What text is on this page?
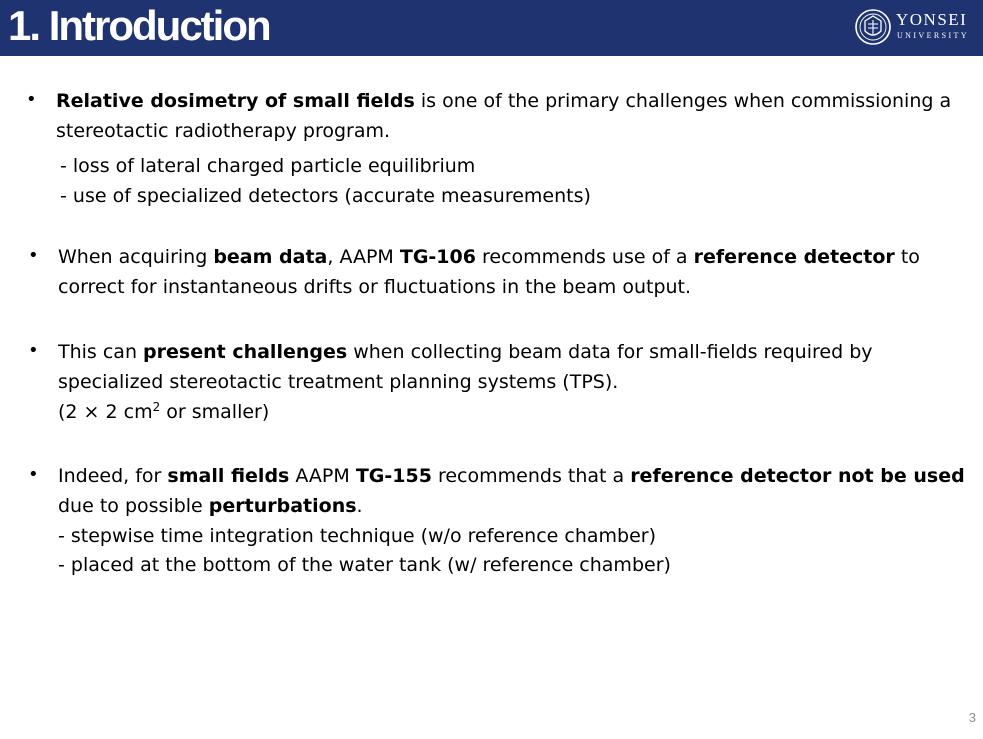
1. Introduction	YONSEI
UNIVERSITY
• Relative dosimetry of small fields is one of the primary challenges when commissioning a
stereotactic radiotherapy program.
- loss of lateral charged particle equilibrium
- use of specialized detectors (accurate measurements)
• When acquiring beam data, AAPM TG-106 recommends use of a reference detector to
correct for instantaneous drifts or fluctuations in the beam output.
• This can present challenges when collecting beam data for small-fields required by
specialized stereotactic treatment planning systems (TPS).
(2 × 2 $cm^2$ or smaller)
• Indeed, for small fields AAPM TG-155 recommends that a reference detector not be used
due to possible perturbations.
- stepwise time integration technique (w/o reference chamber)
- placed at the bottom of the water tank (w/ reference chamber)
3
